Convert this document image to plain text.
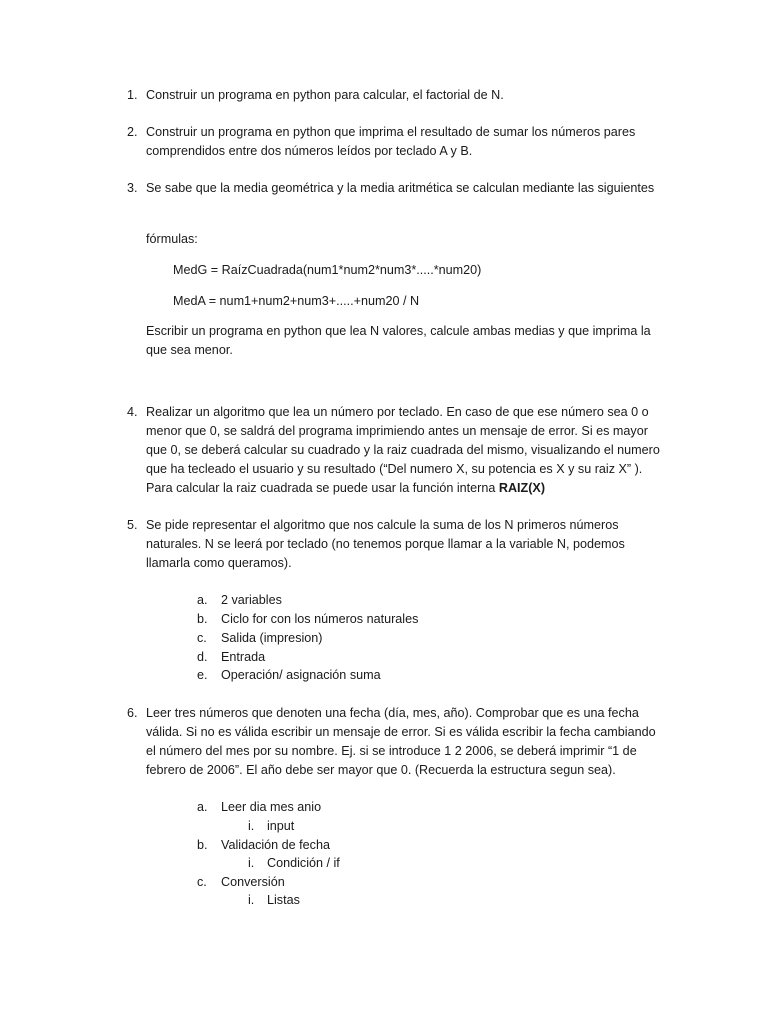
1. Construir un programa en python para calcular, el factorial de N.

2. Construir un programa en python que imprima el resultado de sumar los números pares comprendidos entre dos números leídos por teclado A y B.

3. Se sabe que la media geométrica y la media aritmética se calculan mediante las siguientes

fórmulas:

MedG = RaízCuadrada(num1*num2*num3*.....*num20)
MedA = num1+num2+num3+.....+num20 / N

Escribir un programa en python que lea N valores, calcule ambas medias y que imprima la que sea menor.

4. Realizar un algoritmo que lea un número por teclado. En caso de que ese número sea 0 o menor que 0, se saldrá del programa imprimiendo antes un mensaje de error. Si es mayor que 0, se deberá calcular su cuadrado y la raiz cuadrada del mismo, visualizando el numero que ha tecleado el usuario y su resultado (“Del numero X, su potencia es X y su raiz X” ). Para calcular la raiz cuadrada se puede usar la función interna RAIZ(X)

5. Se pide representar el algoritmo que nos calcule la suma de los N primeros números naturales. N se leerá por teclado (no tenemos porque llamar a la variable N, podemos llamarla como queramos).

a. 2 variables
b. Ciclo for con los números naturales
c. Salida (impresion)
d. Entrada
e. Operación/ asignación suma
6. Leer tres números que denoten una fecha (día, mes, año). Comprobar que es una fecha válida. Si no es válida escribir un mensaje de error. Si es válida escribir la fecha cambiando el número del mes por su nombre. Ej. si se introduce 1 2 2006, se deberá imprimir “1 de febrero de 2006”. El año debe ser mayor que 0. (Recuerda la estructura segun sea).

a. Leer dia mes anio
i. input
b. Validación de fecha
i. Condición / if
c. Conversión
i. Listas
